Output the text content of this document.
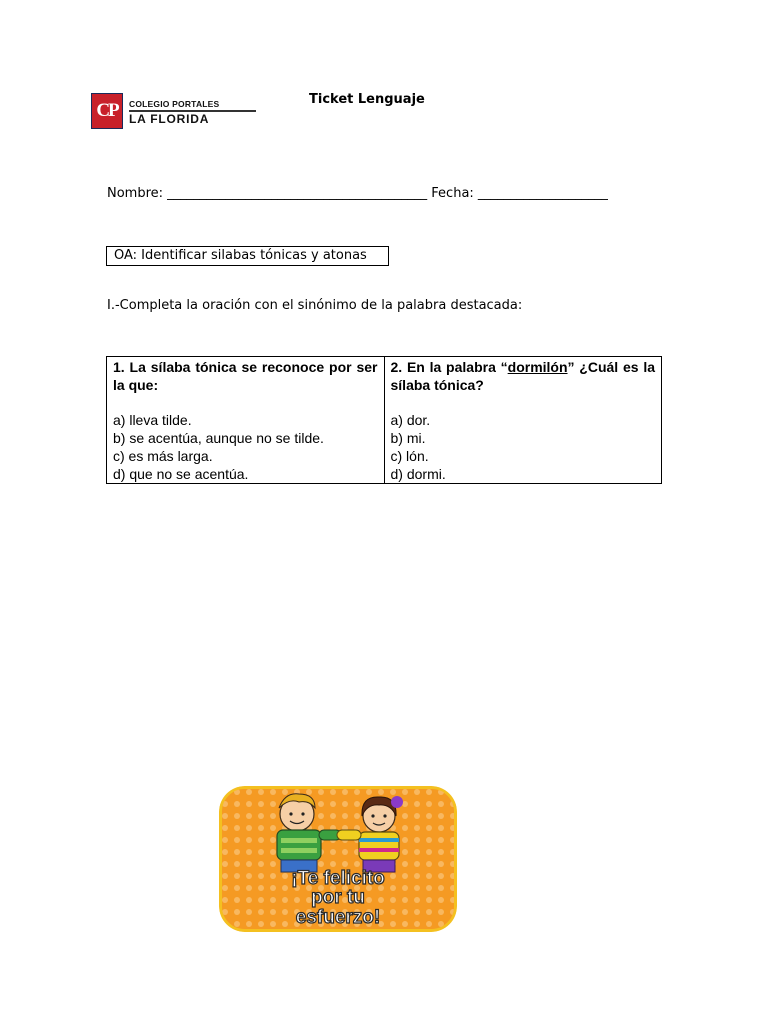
CP	COLEGIO PORTALES
LA FLORIDA
Ticket Lenguaje
Nombre: ________________________________________ Fecha: ____________________
OA: Identificar silabas tónicas y atonas
I.-Completa la oración con el sinónimo de la palabra destacada:
1. La sílaba tónica se reconoce por ser la que:
a) lleva tilde.
b) se acentúa, aunque no se tilde.
c) es más larga.
d) que no se acentúa.

2. En la palabra “dormilón” ¿Cuál es la sílaba tónica?
a) dor.
b) mi.
c) lón.
d) dormi.
¡Te felicito
por tu
esfuerzo!
